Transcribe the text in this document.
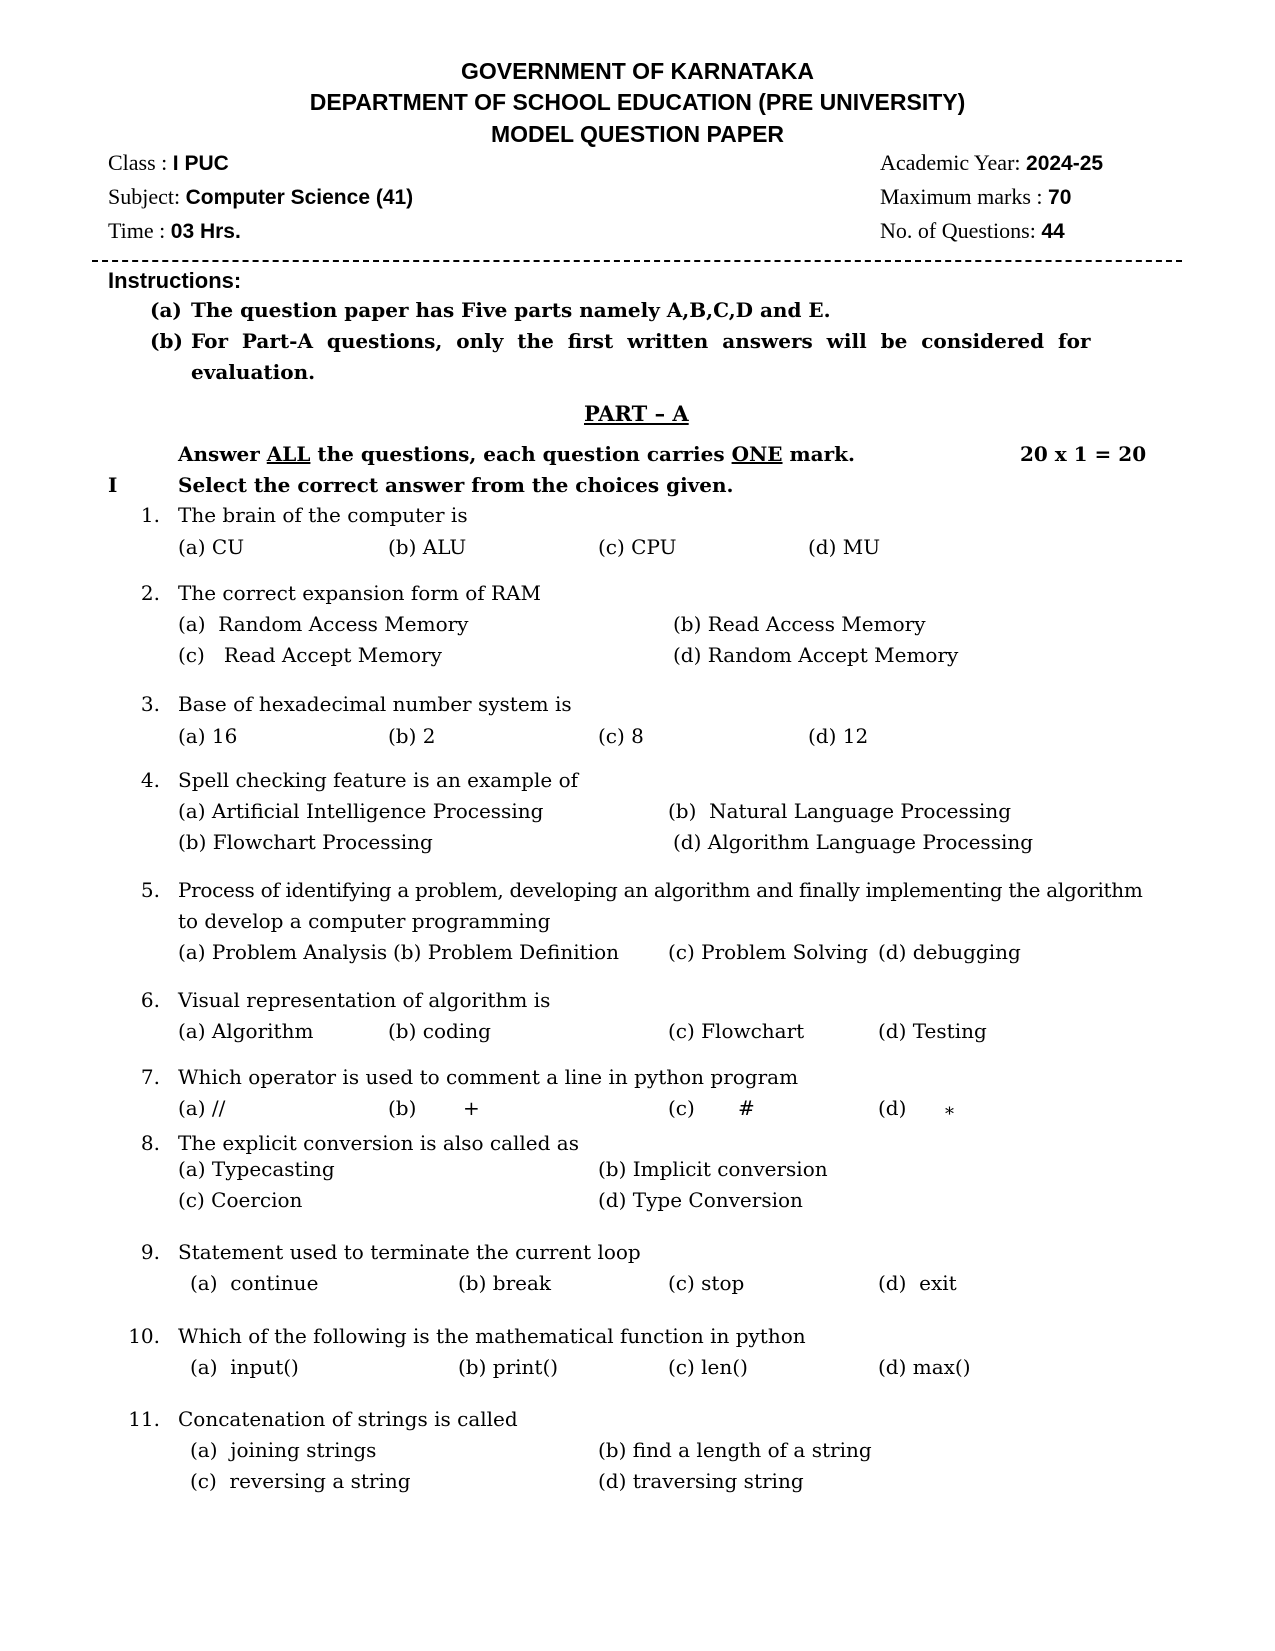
GOVERNMENT OF KARNATAKA
DEPARTMENT OF SCHOOL EDUCATION (PRE UNIVERSITY)
MODEL QUESTION PAPER
Class : I PUC
Subject: Computer Science (41)
Time : 03 Hrs.
Academic Year: 2024-25
Maximum marks : 70
No. of Questions: 44
Instructions:
(a) The question paper has Five parts namely A,B,C,D and E.
(b) For  Part-A  questions,  only  the  first  written  answers  will  be  considered  for
evaluation.
PART – A
Answer ALL the questions, each question carries ONE mark.	20 x 1 = 20
I	Select the correct answer from the choices given.
1. The brain of the computer is
(a) CU	(b) ALU	(c) CPU	(d) MU
2. The correct expansion form of RAM
(a)  Random Access Memory	(b) Read Access Memory
(c)   Read Accept Memory	(d) Random Accept Memory
3. Base of hexadecimal number system is
(a) 16	(b) 2	(c) 8	(d) 12
4. Spell checking feature is an example of
(a) Artificial Intelligence Processing	(b)  Natural Language Processing
(b) Flowchart Processing	(d) Algorithm Language Processing
5. Process of identifying a problem, developing an algorithm and finally implementing the algorithm
to develop a computer programming
(a) Problem Analysis (b) Problem Definition (c) Problem Solving (d) debugging
6. Visual representation of algorithm is
(a) Algorithm	(b) coding	(c) Flowchart	(d) Testing
7. Which operator is used to comment a line in python program
(a) //	(b) +	(c) #	(d) *
8. The explicit conversion is also called as
(a) Typecasting	(b) Implicit conversion
(c) Coercion	(d) Type Conversion
9. Statement used to terminate the current loop
(a)  continue	(b) break	(c) stop	(d)  exit
10. Which of the following is the mathematical function in python
(a)  input()	(b) print()	(c) len()	(d) max()
11. Concatenation of strings is called
(a)  joining strings	(b) find a length of a string
(c)  reversing a string	(d) traversing string
